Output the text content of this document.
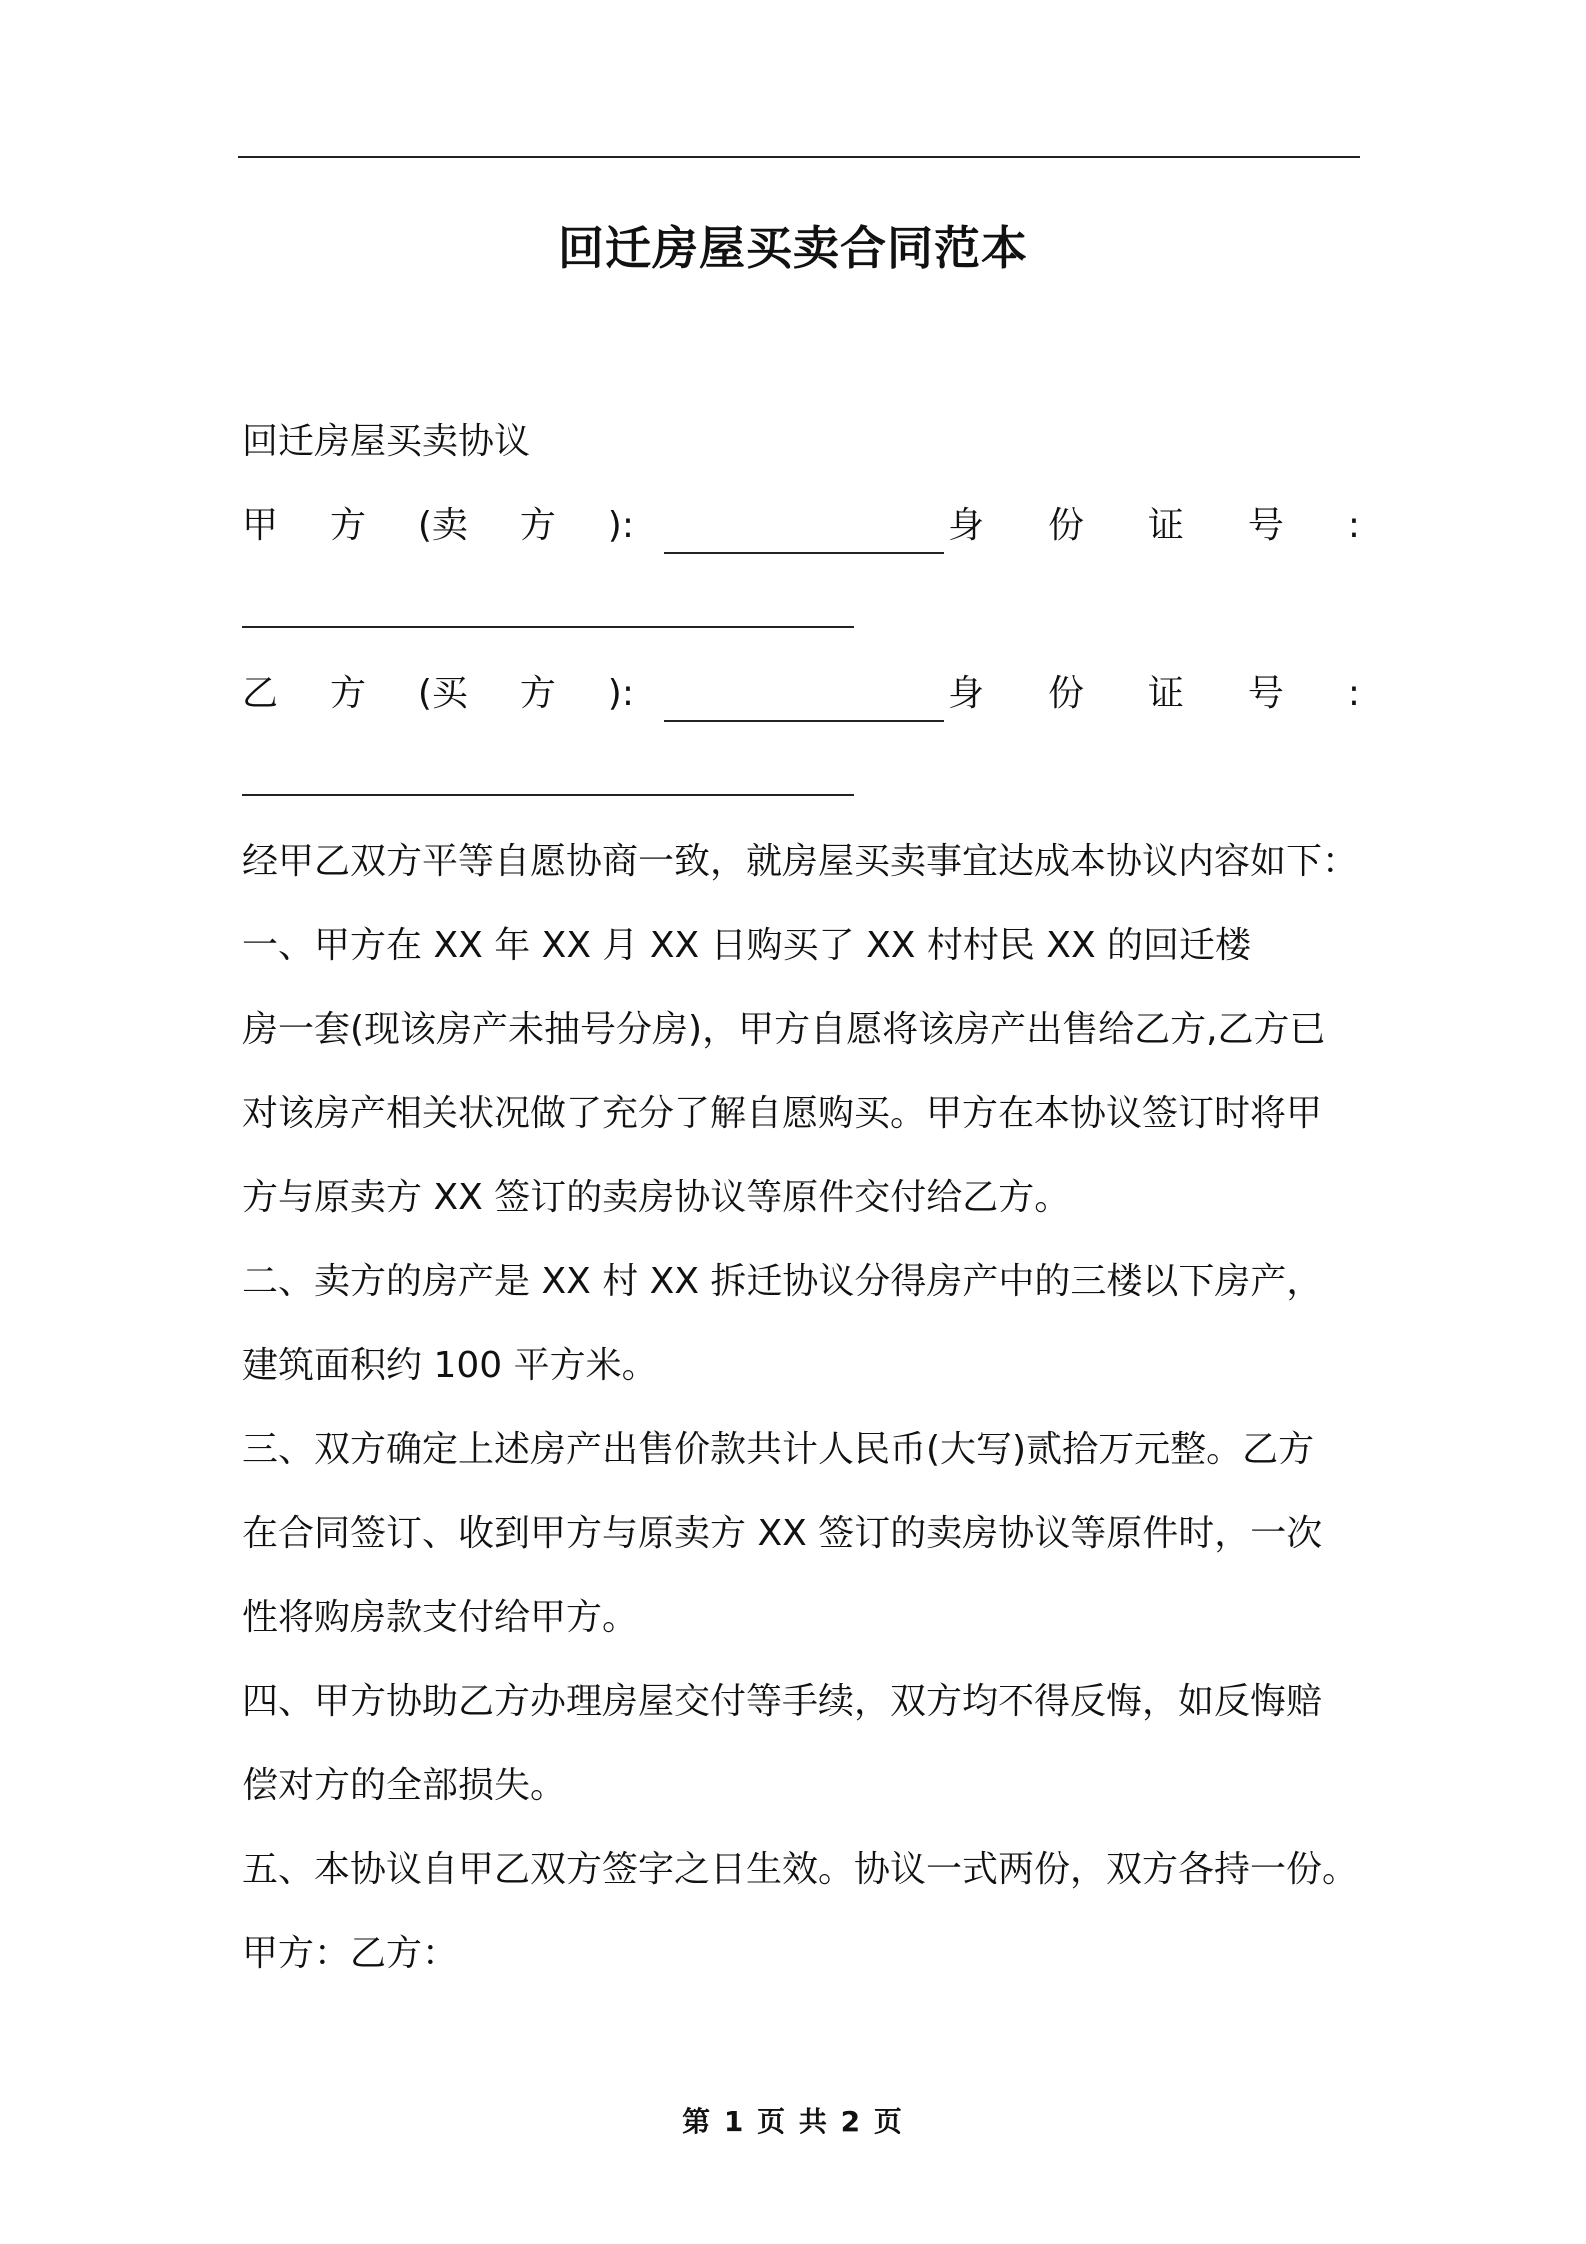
回迁房屋买卖合同范本

回迁房屋买卖协议

甲 方 (卖 方 ):	身 份 证 号 :
乙 方 (买 方 ):	身 份 证 号 :

经甲乙双方平等自愿协商一致，就房屋买卖事宜达成本协议内容如下：

一、甲方在 XX 年 XX 月 XX 日购买了 XX 村村民 XX 的回迁楼

房一套(现该房产未抽号分房)，甲方自愿将该房产出售给乙方,乙方已

对该房产相关状况做了充分了解自愿购买。甲方在本协议签订时将甲

方与原卖方 XX 签订的卖房协议等原件交付给乙方。

二、卖方的房产是 XX 村 XX 拆迁协议分得房产中的三楼以下房产，

建筑面积约 100 平方米。

三、双方确定上述房产出售价款共计人民币(大写)贰拾万元整。乙方

在合同签订、收到甲方与原卖方 XX 签订的卖房协议等原件时，一次

性将购房款支付给甲方。

四、甲方协助乙方办理房屋交付等手续，双方均不得反悔，如反悔赔

偿对方的全部损失。

五、本协议自甲乙双方签字之日生效。协议一式两份，双方各持一份。

甲方：乙方：

第 1 页 共 2 页
